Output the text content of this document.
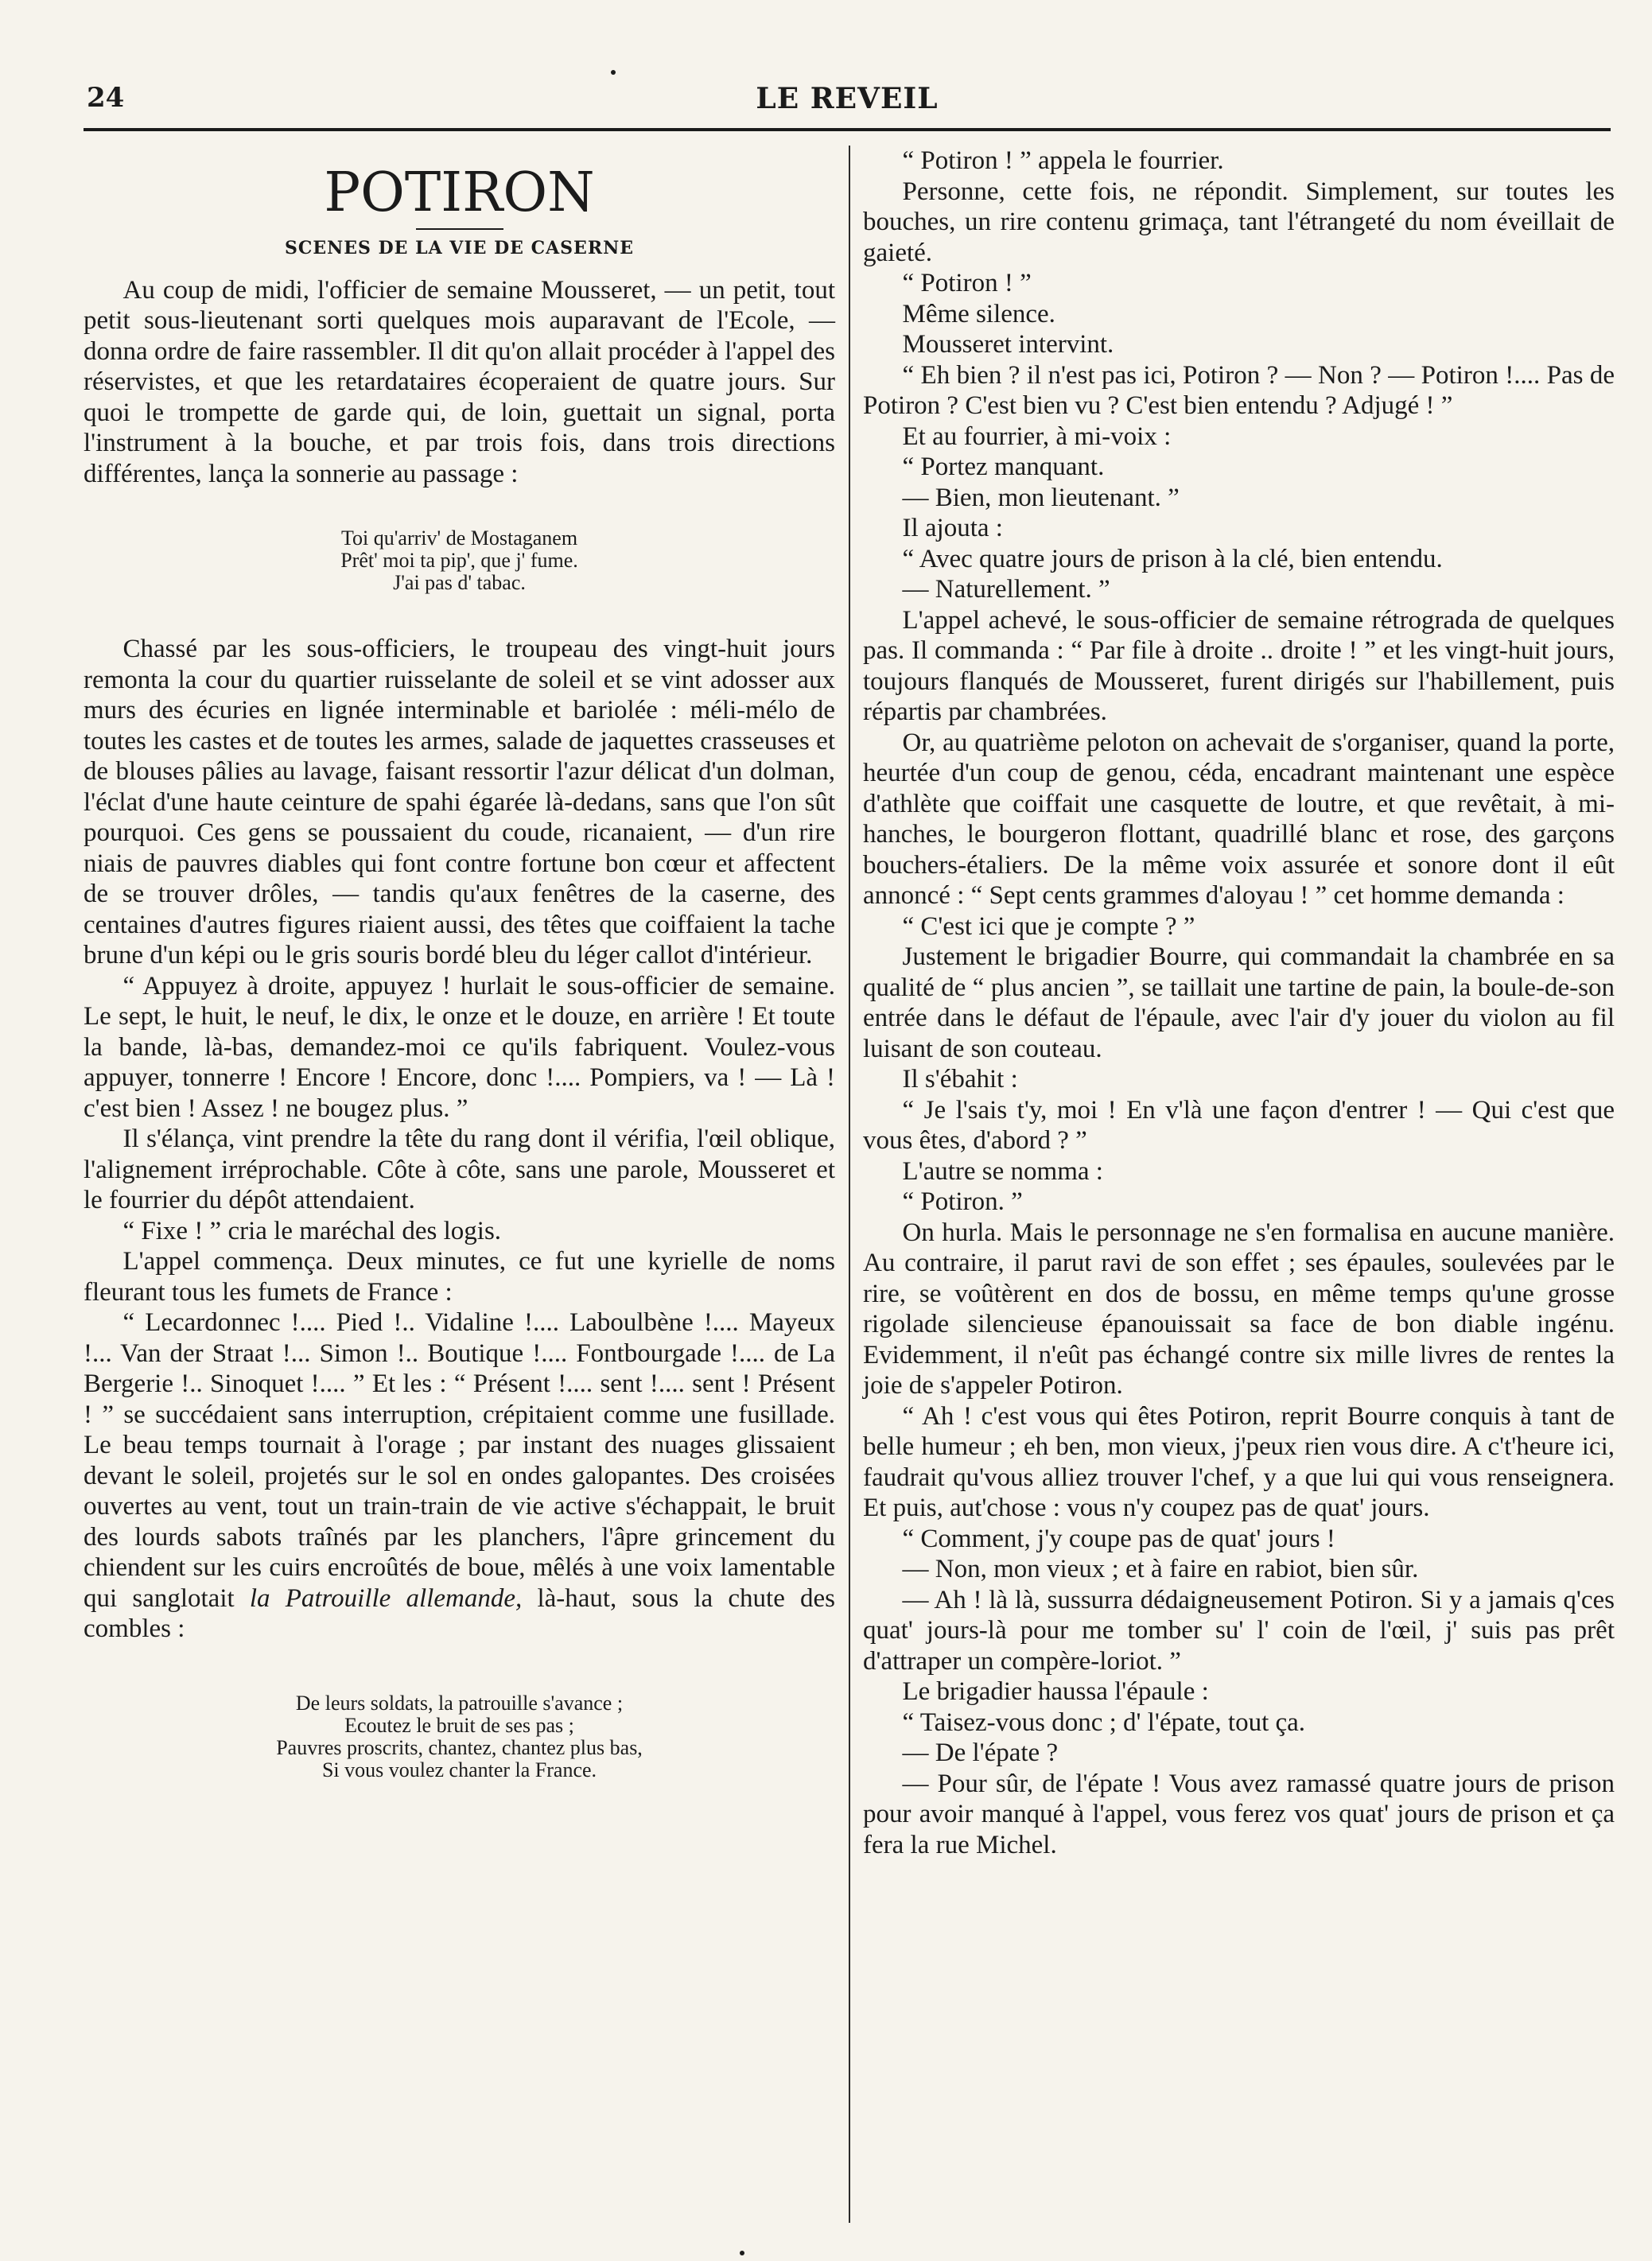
24	LE REVEIL
POTIRON
SCENES DE LA VIE DE CASERNE

Au coup de midi, l'officier de semaine Mousseret, — un petit, tout petit sous-lieutenant sorti quelques mois auparavant de l'Ecole, — donna ordre de faire rassembler. Il dit qu'on allait procéder à l'appel des réservistes, et que les retardataires écoperaient de quatre jours. Sur quoi le trompette de garde qui, de loin, guettait un signal, porta l'instrument à la bouche, et par trois fois, dans trois directions différentes, lança la sonnerie au passage :

Toi qu'arriv' de Mostaganem
Prêt' moi ta pip', que j' fume.
J'ai pas d' tabac.

Chassé par les sous-officiers, le troupeau des vingt-huit jours remonta la cour du quartier ruisselante de soleil et se vint adosser aux murs des écuries en lignée interminable et bariolée : méli-mélo de toutes les castes et de toutes les armes, salade de jaquettes crasseuses et de blouses pâlies au lavage, faisant ressortir l'azur délicat d'un dolman, l'éclat d'une haute ceinture de spahi égarée là-dedans, sans que l'on sût pourquoi. Ces gens se poussaient du coude, ricanaient, — d'un rire niais de pauvres diables qui font contre fortune bon cœur et affectent de se trouver drôles, — tandis qu'aux fenêtres de la caserne, des centaines d'autres figures riaient aussi, des têtes que coiffaient la tache brune d'un képi ou le gris souris bordé bleu du léger callot d'intérieur.

“ Appuyez à droite, appuyez ! hurlait le sous-officier de semaine. Le sept, le huit, le neuf, le dix, le onze et le douze, en arrière ! Et toute la bande, là-bas, demandez-moi ce qu'ils fabriquent. Voulez-vous appuyer, tonnerre ! Encore ! Encore, donc !.... Pompiers, va ! — Là ! c'est bien ! Assez ! ne bougez plus. ”

Il s'élança, vint prendre la tête du rang dont il vérifia, l'œil oblique, l'alignement irréprochable. Côte à côte, sans une parole, Mousseret et le fourrier du dépôt attendaient.

“ Fixe ! ” cria le maréchal des logis.

L'appel commença. Deux minutes, ce fut une kyrielle de noms fleurant tous les fumets de France :

“ Lecardonnec !.... Pied !.. Vidaline !.... Laboulbène !.... Mayeux !... Van der Straat !... Simon !.. Boutique !.... Fontbourgade !.... de La Bergerie !.. Sinoquet !.... ” Et les : “ Présent !.... sent !.... sent ! Présent ! ” se succédaient sans interruption, crépitaient comme une fusillade. Le beau temps tournait à l'orage ; par instant des nuages glissaient devant le soleil, projetés sur le sol en ondes galopantes. Des croisées ouvertes au vent, tout un train-train de vie active s'échappait, le bruit des lourds sabots traînés par les planchers, l'âpre grincement du chiendent sur les cuirs encroûtés de boue, mêlés à une voix lamentable qui sanglotait la Patrouille allemande, là-haut, sous la chute des combles :

De leurs soldats, la patrouille s'avance ;
Ecoutez le bruit de ses pas ;
Pauvres proscrits, chantez, chantez plus bas,
Si vous voulez chanter la France.

“ Potiron ! ” appela le fourrier.

Personne, cette fois, ne répondit. Simplement, sur toutes les bouches, un rire contenu grimaça, tant l'étrangeté du nom éveillait de gaieté.

“ Potiron ! ”

Même silence.

Mousseret intervint.

“ Eh bien ? il n'est pas ici, Potiron ? — Non ? — Potiron !.... Pas de Potiron ? C'est bien vu ? C'est bien entendu ? Adjugé ! ”

Et au fourrier, à mi-voix :

“ Portez manquant.

— Bien, mon lieutenant. ”

Il ajouta :

“ Avec quatre jours de prison à la clé, bien entendu.

— Naturellement. ”

L'appel achevé, le sous-officier de semaine rétrograda de quelques pas. Il commanda : “ Par file à droite .. droite ! ” et les vingt-huit jours, toujours flanqués de Mousseret, furent dirigés sur l'habillement, puis répartis par chambrées.

Or, au quatrième peloton on achevait de s'organiser, quand la porte, heurtée d'un coup de genou, céda, encadrant maintenant une espèce d'athlète que coiffait une casquette de loutre, et que revêtait, à mi-hanches, le bourgeron flottant, quadrillé blanc et rose, des garçons bouchers-étaliers. De la même voix assurée et sonore dont il eût annoncé : “ Sept cents grammes d'aloyau ! ” cet homme demanda :

“ C'est ici que je compte ? ”

Justement le brigadier Bourre, qui commandait la chambrée en sa qualité de “ plus ancien ”, se taillait une tartine de pain, la boule-de-son entrée dans le défaut de l'épaule, avec l'air d'y jouer du violon au fil luisant de son couteau.

Il s'ébahit :

“ Je l'sais t'y, moi ! En v'là une façon d'entrer ! — Qui c'est que vous êtes, d'abord ? ”

L'autre se nomma :

“ Potiron. ”

On hurla. Mais le personnage ne s'en formalisa en aucune manière. Au contraire, il parut ravi de son effet ; ses épaules, soulevées par le rire, se voûtèrent en dos de bossu, en même temps qu'une grosse rigolade silencieuse épanouissait sa face de bon diable ingénu. Evidemment, il n'eût pas échangé contre six mille livres de rentes la joie de s'appeler Potiron.

“ Ah ! c'est vous qui êtes Potiron, reprit Bourre conquis à tant de belle humeur ; eh ben, mon vieux, j'peux rien vous dire. A c't'heure ici, faudrait qu'vous alliez trouver l'chef, y a que lui qui vous renseignera. Et puis, aut'chose : vous n'y coupez pas de quat' jours.

“ Comment, j'y coupe pas de quat' jours !

— Non, mon vieux ; et à faire en rabiot, bien sûr.

— Ah ! là là, sussurra dédaigneusement Potiron. Si y a jamais q'ces quat' jours-là pour me tomber su' l' coin de l'œil, j' suis pas prêt d'attraper un compère-loriot. ”

Le brigadier haussa l'épaule :

“ Taisez-vous donc ; d' l'épate, tout ça.

— De l'épate ?

— Pour sûr, de l'épate ! Vous avez ramassé quatre jours de prison pour avoir manqué à l'appel, vous ferez vos quat' jours de prison et ça fera la rue Michel.
